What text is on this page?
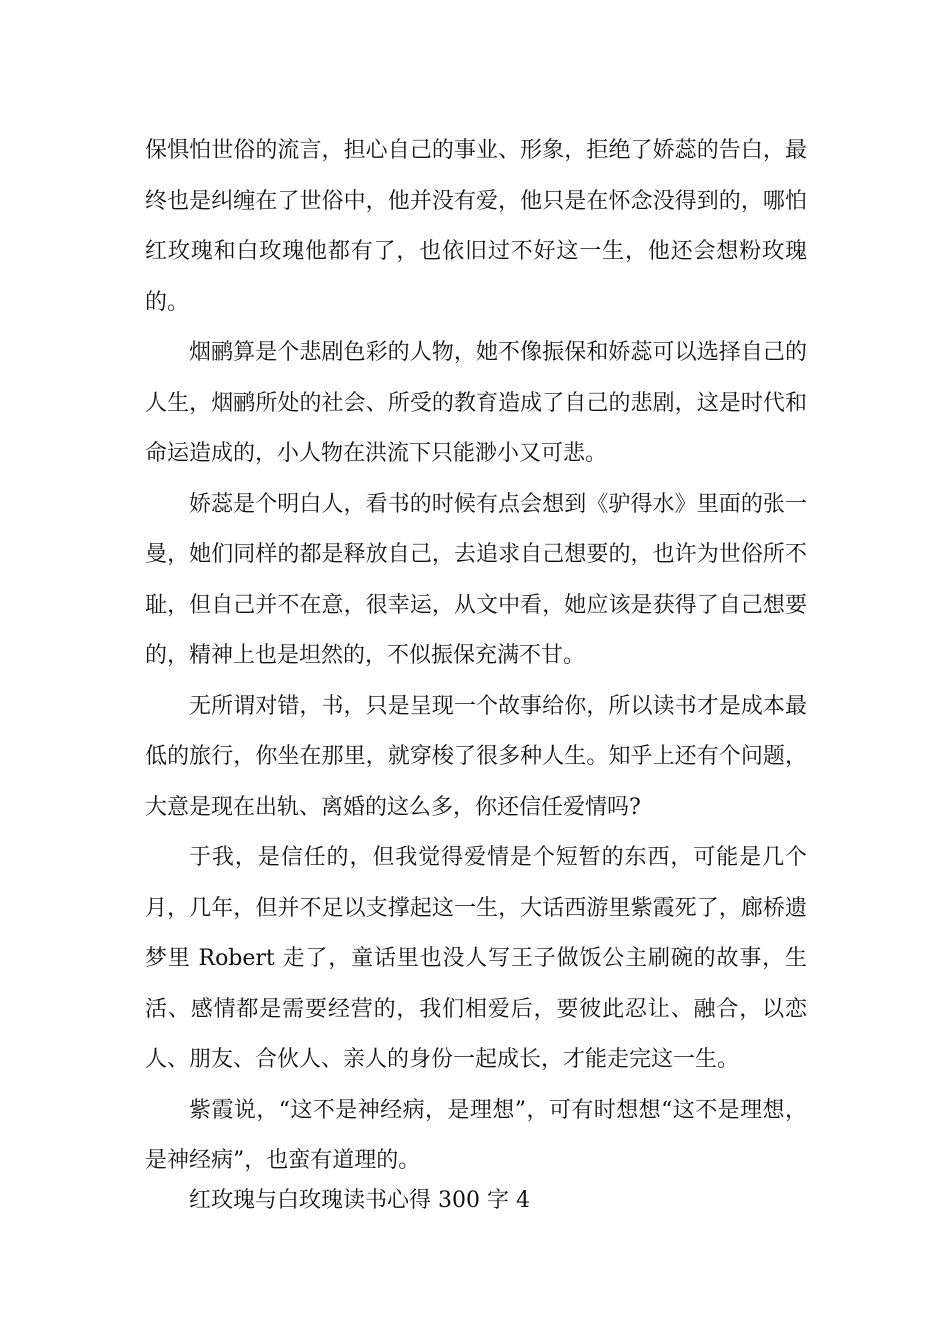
保惧怕世俗的流言，担心自己的事业、形象，拒绝了娇蕊的告白，最终也是纠缠在了世俗中，他并没有爱，他只是在怀念没得到的，哪怕红玫瑰和白玫瑰他都有了，也依旧过不好这一生，他还会想粉玫瑰的。

烟鹂算是个悲剧色彩的人物，她不像振保和娇蕊可以选择自己的人生，烟鹂所处的社会、所受的教育造成了自己的悲剧，这是时代和命运造成的，小人物在洪流下只能渺小又可悲。

娇蕊是个明白人，看书的时候有点会想到《驴得水》里面的张一曼，她们同样的都是释放自己，去追求自己想要的，也许为世俗所不耻，但自己并不在意，很幸运，从文中看，她应该是获得了自己想要的，精神上也是坦然的，不似振保充满不甘。

无所谓对错，书，只是呈现一个故事给你，所以读书才是成本最低的旅行，你坐在那里，就穿梭了很多种人生。知乎上还有个问题，大意是现在出轨、离婚的这么多，你还信任爱情吗?

于我，是信任的，但我觉得爱情是个短暂的东西，可能是几个月，几年，但并不足以支撑起这一生，大话西游里紫霞死了，廊桥遗梦里 Robert 走了，童话里也没人写王子做饭公主刷碗的故事，生活、感情都是需要经营的，我们相爱后，要彼此忍让、融合，以恋人、朋友、合伙人、亲人的身份一起成长，才能走完这一生。

紫霞说，“这不是神经病，是理想”，可有时想想“这不是理想，是神经病”，也蛮有道理的。

红玫瑰与白玫瑰读书心得 300 字 4
